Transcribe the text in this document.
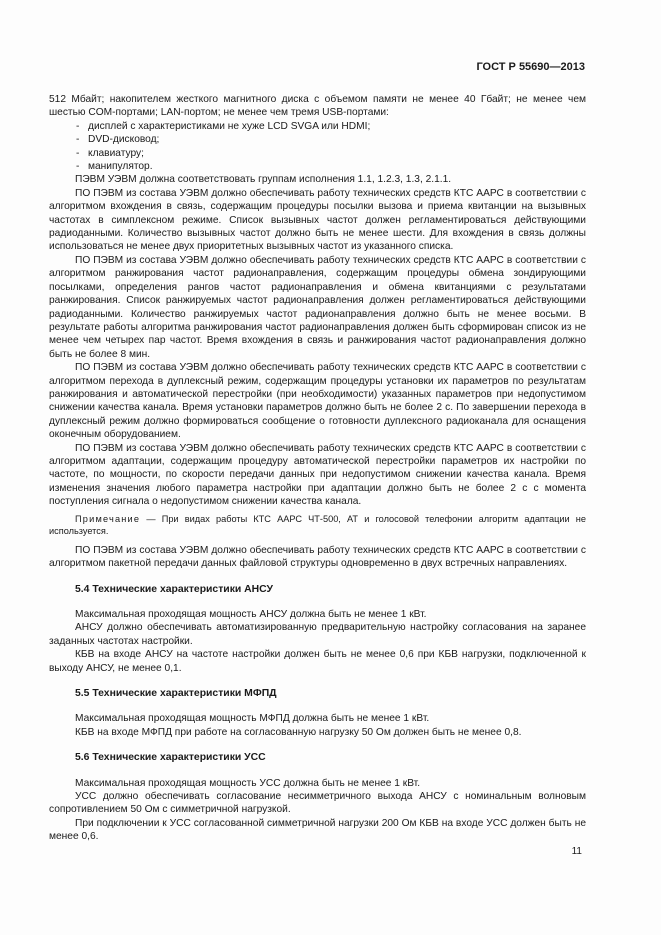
ГОСТ Р 55690—2013

512 Мбайт; накопителем жесткого магнитного диска с объемом памяти не менее 40 Гбайт; не менее чем шестью COM-портами; LAN-портом; не менее чем тремя USB-портами:

- дисплей с характеристиками не хуже LCD SVGA или HDMI;
- DVD-дисковод;
- клавиатуру;
- манипулятор.

ПЭВМ УЭВМ должна соответствовать группам исполнения 1.1, 1.2.3, 1.3, 2.1.1.

ПО ПЭВМ из состава УЭВМ должно обеспечивать работу технических средств КТС ААРС в соответствии с алгоритмом вхождения в связь, содержащим процедуры посылки вызова и приема квитанции на вызывных частотах в симплексном режиме. Список вызывных частот должен регламентироваться действующими радиоданными. Количество вызывных частот должно быть не менее шести. Для вхождения в связь должны использоваться не менее двух приоритетных вызывных частот из указанного списка.

ПО ПЭВМ из состава УЭВМ должно обеспечивать работу технических средств КТС ААРС в соответствии с алгоритмом ранжирования частот радионаправления, содержащим процедуры обмена зондирующими посылками, определения рангов частот радионаправления и обмена квитанциями с результатами ранжирования. Список ранжируемых частот радионаправления должен регламентироваться действующими радиоданными. Количество ранжируемых частот радионаправления должно быть не менее восьми. В результате работы алгоритма ранжирования частот радионаправления должен быть сформирован список из не менее чем четырех пар частот. Время вхождения в связь и ранжирования частот радионаправления должно быть не более 8 мин.

ПО ПЭВМ из состава УЭВМ должно обеспечивать работу технических средств КТС ААРС в соответствии с алгоритмом перехода в дуплексный режим, содержащим процедуры установки их параметров по результатам ранжирования и автоматической перестройки (при необходимости) указанных параметров при недопустимом снижении качества канала. Время установки параметров должно быть не более 2 с. По завершении перехода в дуплексный режим должно формироваться сообщение о готовности дуплексного радиоканала для оснащения оконечным оборудованием.

ПО ПЭВМ из состава УЭВМ должно обеспечивать работу технических средств КТС ААРС в соответствии с алгоритмом адаптации, содержащим процедуру автоматической перестройки параметров их настройки по частоте, по мощности, по скорости передачи данных при недопустимом снижении качества канала. Время изменения значения любого параметра настройки при адаптации должно быть не более 2 с с момента поступления сигнала о недопустимом снижении качества канала.

Примечание — При видах работы КТС ААРС ЧТ-500, АТ и голосовой телефонии алгоритм адаптации не используется.

ПО ПЭВМ из состава УЭВМ должно обеспечивать работу технических средств КТС ААРС в соответствии с алгоритмом пакетной передачи данных файловой структуры одновременно в двух встречных направлениях.

5.4 Технические характеристики АНСУ

Максимальная проходящая мощность АНСУ должна быть не менее 1 кВт.

АНСУ должно обеспечивать автоматизированную предварительную настройку согласования на заранее заданных частотах настройки.

КБВ на входе АНСУ на частоте настройки должен быть не менее 0,6 при КБВ нагрузки, подключенной к выходу АНСУ, не менее 0,1.

5.5 Технические характеристики МФПД

Максимальная проходящая мощность МФПД должна быть не менее 1 кВт.

КБВ на входе МФПД при работе на согласованную нагрузку 50 Ом должен быть не менее 0,8.

5.6 Технические характеристики УСС

Максимальная проходящая мощность УСС должна быть не менее 1 кВт.

УСС должно обеспечивать согласование несимметричного выхода АНСУ с номинальным волновым сопротивлением 50 Ом с симметричной нагрузкой.

При подключении к УСС согласованной симметричной нагрузки 200 Ом КБВ на входе УСС должен быть не менее 0,6.

11
